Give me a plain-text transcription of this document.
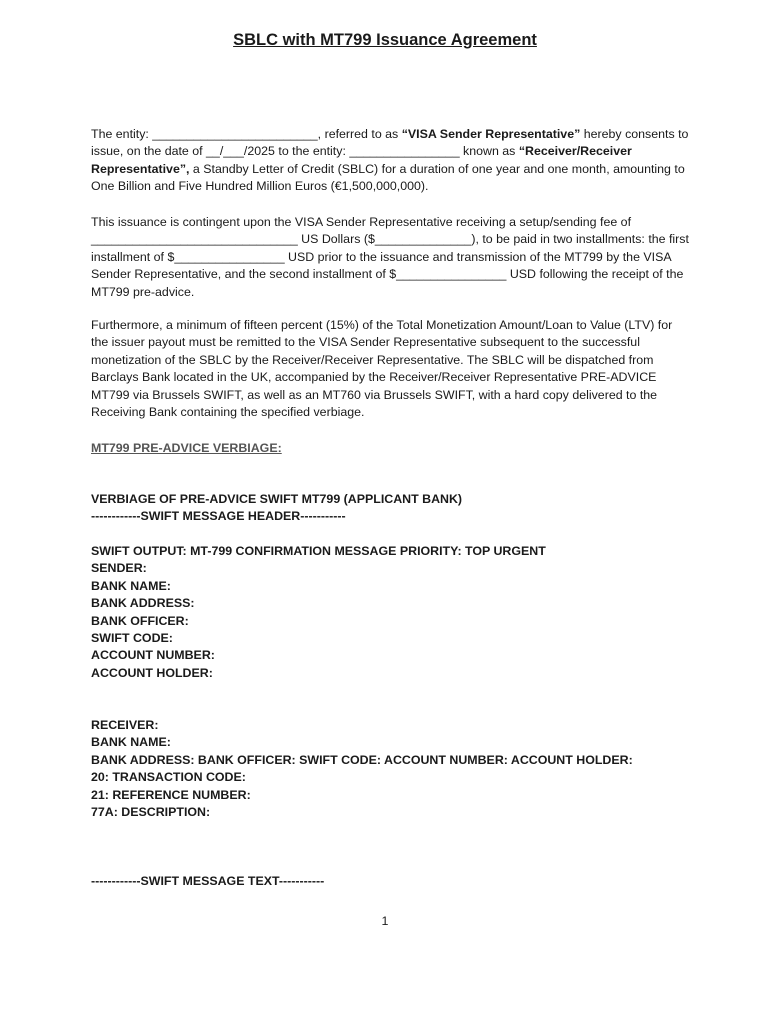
SBLC with MT799 Issuance Agreement

The entity: ________________________, referred to as “VISA Sender Representative” hereby consents to issue, on the date of __/___/2025 to the entity: ________________ known as “Receiver/Receiver Representative”, a Standby Letter of Credit (SBLC) for a duration of one year and one month, amounting to One Billion and Five Hundred Million Euros (€1,500,000,000).

This issuance is contingent upon the VISA Sender Representative receiving a setup/sending fee of ______________________________ US Dollars ($______________), to be paid in two installments: the first installment of $________________ USD prior to the issuance and transmission of the MT799 by the VISA Sender Representative, and the second installment of $________________ USD following the receipt of the MT799 pre-advice.

Furthermore, a minimum of fifteen percent (15%) of the Total Monetization Amount/Loan to Value (LTV) for the issuer payout must be remitted to the VISA Sender Representative subsequent to the successful monetization of the SBLC by the Receiver/Receiver Representative. The SBLC will be dispatched from Barclays Bank located in the UK, accompanied by the Receiver/Receiver Representative PRE-ADVICE MT799 via Brussels SWIFT, as well as an MT760 via Brussels SWIFT, with a hard copy delivered to the Receiving Bank containing the specified verbiage.

MT799 PRE-ADVICE VERBIAGE:

VERBIAGE OF PRE-ADVICE SWIFT MT799 (APPLICANT BANK)
------------SWIFT MESSAGE HEADER-----------
SWIFT OUTPUT: MT-799 CONFIRMATION MESSAGE PRIORITY: TOP URGENT
SENDER:
BANK NAME:
BANK ADDRESS:
BANK OFFICER:
SWIFT CODE:
ACCOUNT NUMBER:
ACCOUNT HOLDER:
RECEIVER:
BANK NAME:
BANK ADDRESS: BANK OFFICER: SWIFT CODE: ACCOUNT NUMBER: ACCOUNT HOLDER:
20: TRANSACTION CODE:
21: REFERENCE NUMBER:
77A: DESCRIPTION:
------------SWIFT MESSAGE TEXT-----------

1
